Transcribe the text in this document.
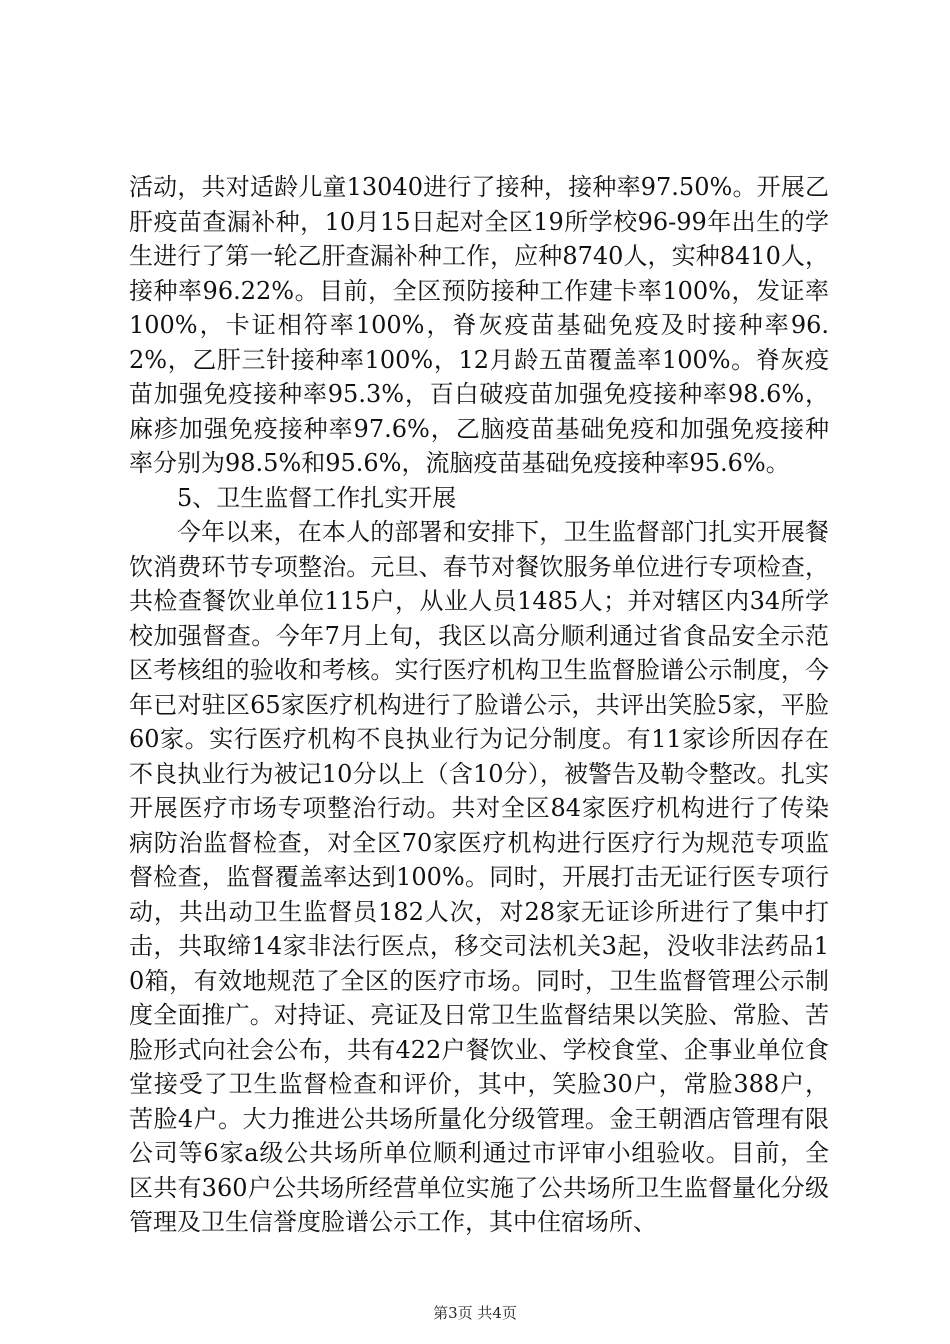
活动，共对适龄儿童13040进行了接种，接种率97.50%。开展乙肝疫苗查漏补种，10月15日起对全区19所学校96-99年出生的学生进行了第一轮乙肝查漏补种工作，应种8740人，实种8410人，接种率96.22%。目前，全区预防接种工作建卡率100%，发证率100%，卡证相符率100%，脊灰疫苗基础免疫及时接种率96.2%，乙肝三针接种率100%，12月龄五苗覆盖率100%。脊灰疫苗加强免疫接种率95.3%，百白破疫苗加强免疫接种率98.6%，麻疹加强免疫接种率97.6%，乙脑疫苗基础免疫和加强免疫接种率分别为98.5%和95.6%，流脑疫苗基础免疫接种率95.6%。

5、卫生监督工作扎实开展

今年以来，在本人的部署和安排下，卫生监督部门扎实开展餐饮消费环节专项整治。元旦、春节对餐饮服务单位进行专项检查，共检查餐饮业单位115户，从业人员1485人；并对辖区内34所学校加强督查。今年7月上旬，我区以高分顺利通过省食品安全示范区考核组的验收和考核。实行医疗机构卫生监督脸谱公示制度，今年已对驻区65家医疗机构进行了脸谱公示，共评出笑脸5家，平脸60家。实行医疗机构不良执业行为记分制度。有11家诊所因存在不良执业行为被记10分以上（含10分），被警告及勒令整改。扎实开展医疗市场专项整治行动。共对全区84家医疗机构进行了传染病防治监督检查，对全区70家医疗机构进行医疗行为规范专项监督检查，监督覆盖率达到100%。同时，开展打击无证行医专项行动，共出动卫生监督员182人次，对28家无证诊所进行了集中打击，共取缔14家非法行医点，移交司法机关3起，没收非法药品10箱，有效地规范了全区的医疗市场。同时，卫生监督管理公示制度全面推广。对持证、亮证及日常卫生监督结果以笑脸、常脸、苦脸形式向社会公布，共有422户餐饮业、学校食堂、企事业单位食堂接受了卫生监督检查和评价，其中，笑脸30户，常脸388户，苦脸4户。大力推进公共场所量化分级管理。金王朝酒店管理有限公司等6家a级公共场所单位顺利通过市评审小组验收。目前，全区共有360户公共场所经营单位实施了公共场所卫生监督量化分级管理及卫生信誉度脸谱公示工作，其中住宿场所、

第3页 共4页
